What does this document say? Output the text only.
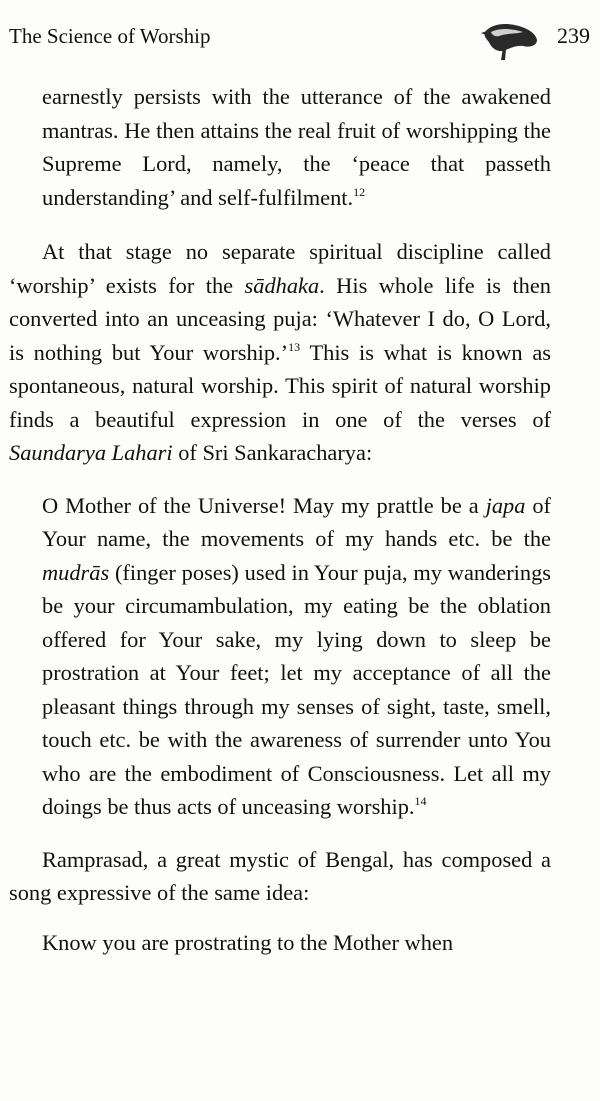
The Science of Worship	239

earnestly persists with the utterance of the awakened mantras. He then attains the real fruit of worshipping the Supreme Lord, namely, the ‘peace that passeth understanding’ and self-fulfilment.$^{12}$

At that stage no separate spiritual discipline called ‘worship’ exists for the sādhaka. His whole life is then converted into an unceasing puja: ‘Whatever I do, O Lord, is nothing but Your worship.’$^{13}$ This is what is known as spontaneous, natural worship. This spirit of natural worship finds a beautiful expression in one of the verses of Saundarya Lahari of Sri Sankaracharya:

O Mother of the Universe! May my prattle be a japa of Your name, the movements of my hands etc. be the mudrās (finger poses) used in Your puja, my wanderings be your circumambulation, my eating be the oblation offered for Your sake, my lying down to sleep be prostration at Your feet; let my acceptance of all the pleasant things through my senses of sight, taste, smell, touch etc. be with the awareness of surrender unto You who are the embodiment of Consciousness. Let all my doings be thus acts of unceasing worship.$^{14}$

Ramprasad, a great mystic of Bengal, has composed a song expressive of the same idea:

Know you are prostrating to the Mother when
